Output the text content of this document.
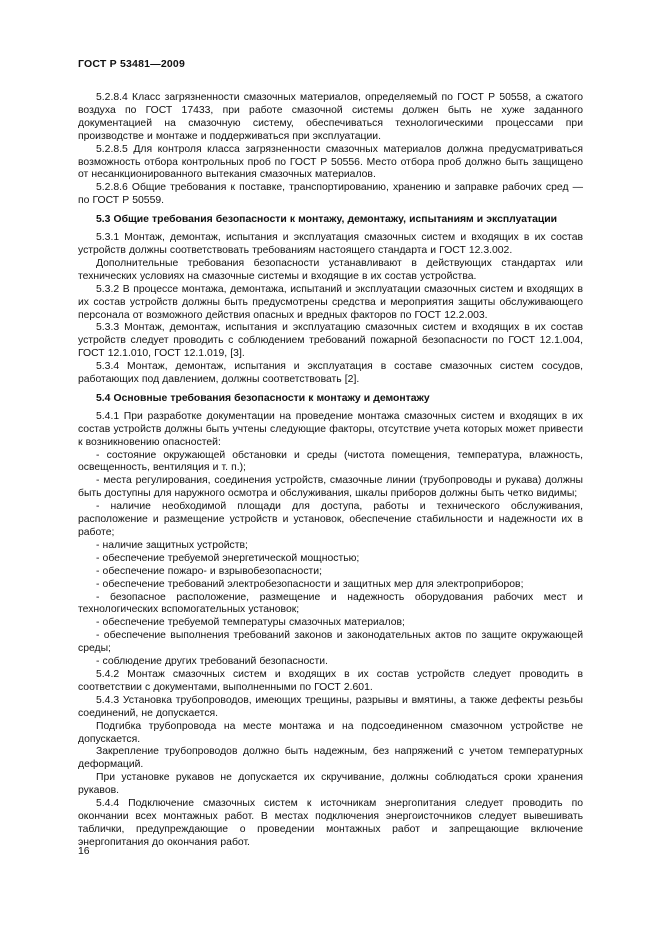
ГОСТ Р 53481—2009

5.2.8.4 Класс загрязненности смазочных материалов, определяемый по ГОСТ Р 50558, а сжатого воздуха по ГОСТ 17433, при работе смазочной системы должен быть не хуже заданного документацией на смазочную систему, обеспечиваться технологическими процессами при производстве и монтаже и поддерживаться при эксплуатации.

5.2.8.5 Для контроля класса загрязненности смазочных материалов должна предусматриваться возможность отбора контрольных проб по ГОСТ Р 50556. Место отбора проб должно быть защищено от несанкционированного вытекания смазочных материалов.

5.2.8.6 Общие требования к поставке, транспортированию, хранению и заправке рабочих сред — по ГОСТ Р 50559.

5.3 Общие требования безопасности к монтажу, демонтажу, испытаниям и эксплуатации

5.3.1 Монтаж, демонтаж, испытания и эксплуатация смазочных систем и входящих в их состав устройств должны соответствовать требованиям настоящего стандарта и ГОСТ 12.3.002.

Дополнительные требования безопасности устанавливают в действующих стандартах или технических условиях на смазочные системы и входящие в их состав устройства.

5.3.2 В процессе монтажа, демонтажа, испытаний и эксплуатации смазочных систем и входящих в их состав устройств должны быть предусмотрены средства и мероприятия защиты обслуживающего персонала от возможного действия опасных и вредных факторов по ГОСТ 12.2.003.

5.3.3 Монтаж, демонтаж, испытания и эксплуатацию смазочных систем и входящих в их состав устройств следует проводить с соблюдением требований пожарной безопасности по ГОСТ 12.1.004, ГОСТ 12.1.010, ГОСТ 12.1.019, [3].

5.3.4 Монтаж, демонтаж, испытания и эксплуатация в составе смазочных систем сосудов, работающих под давлением, должны соответствовать [2].

5.4 Основные требования безопасности к монтажу и демонтажу

5.4.1 При разработке документации на проведение монтажа смазочных систем и входящих в их состав устройств должны быть учтены следующие факторы, отсутствие учета которых может привести к возникновению опасностей:

- состояние окружающей обстановки и среды (чистота помещения, температура, влажность, освещенность, вентиляция и т. п.);

- места регулирования, соединения устройств, смазочные линии (трубопроводы и рукава) должны быть доступны для наружного осмотра и обслуживания, шкалы приборов должны быть четко видимы;

- наличие необходимой площади для доступа, работы и технического обслуживания, расположение и размещение устройств и установок, обеспечение стабильности и надежности их в работе;

- наличие защитных устройств;

- обеспечение требуемой энергетической мощностью;

- обеспечение пожаро- и взрывобезопасности;

- обеспечение требований электробезопасности и защитных мер для электроприборов;

- безопасное расположение, размещение и надежность оборудования рабочих мест и технологических вспомогательных установок;

- обеспечение требуемой температуры смазочных материалов;

- обеспечение выполнения требований законов и законодательных актов по защите окружающей среды;

- соблюдение других требований безопасности.

5.4.2 Монтаж смазочных систем и входящих в их состав устройств следует проводить в соответствии с документами, выполненными по ГОСТ 2.601.

5.4.3 Установка трубопроводов, имеющих трещины, разрывы и вмятины, а также дефекты резьбы соединений, не допускается.

Подгибка трубопровода на месте монтажа и на подсоединенном смазочном устройстве не допускается.

Закрепление трубопроводов должно быть надежным, без напряжений с учетом температурных деформаций.

При установке рукавов не допускается их скручивание, должны соблюдаться сроки хранения рукавов.

5.4.4 Подключение смазочных систем к источникам энергопитания следует проводить по окончании всех монтажных работ. В местах подключения энергоисточников следует вывешивать таблички, предупреждающие о проведении монтажных работ и запрещающие включение энергопитания до окончания работ.

16
